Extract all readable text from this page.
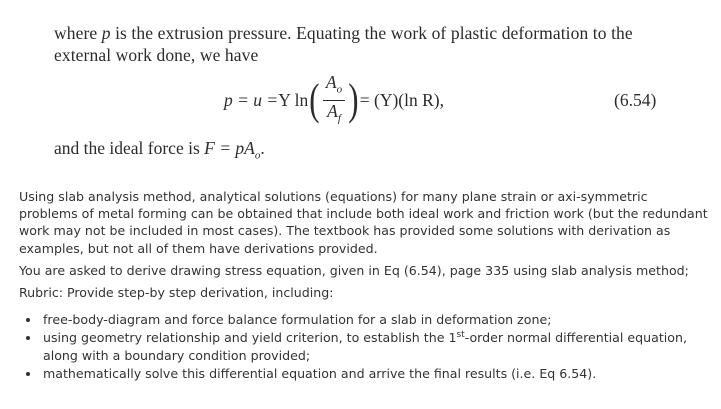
where p is the extrusion pressure. Equating the work of plastic deformation to the external work done, we have
p = u = Y ln ( $\frac{A_o}{A_f}$ ) = (Y)(ln R),	(6.54)
and the ideal force is $F = pA_o$.

Using slab analysis method, analytical solutions (equations) for many plane strain or axi-symmetric problems of metal forming can be obtained that include both ideal work and friction work (but the redundant work may not be included in most cases). The textbook has provided some solutions with derivation as examples, but not all of them have derivations provided.

You are asked to derive drawing stress equation, given in Eq (6.54), page 335 using slab analysis method;

Rubric: Provide step-by step derivation, including:

• free-body-diagram and force balance formulation for a slab in deformation zone;
• using geometry relationship and yield criterion, to establish the 1st-order normal differential equation, along with a boundary condition provided;
• mathematically solve this differential equation and arrive the final results (i.e. Eq 6.54).
